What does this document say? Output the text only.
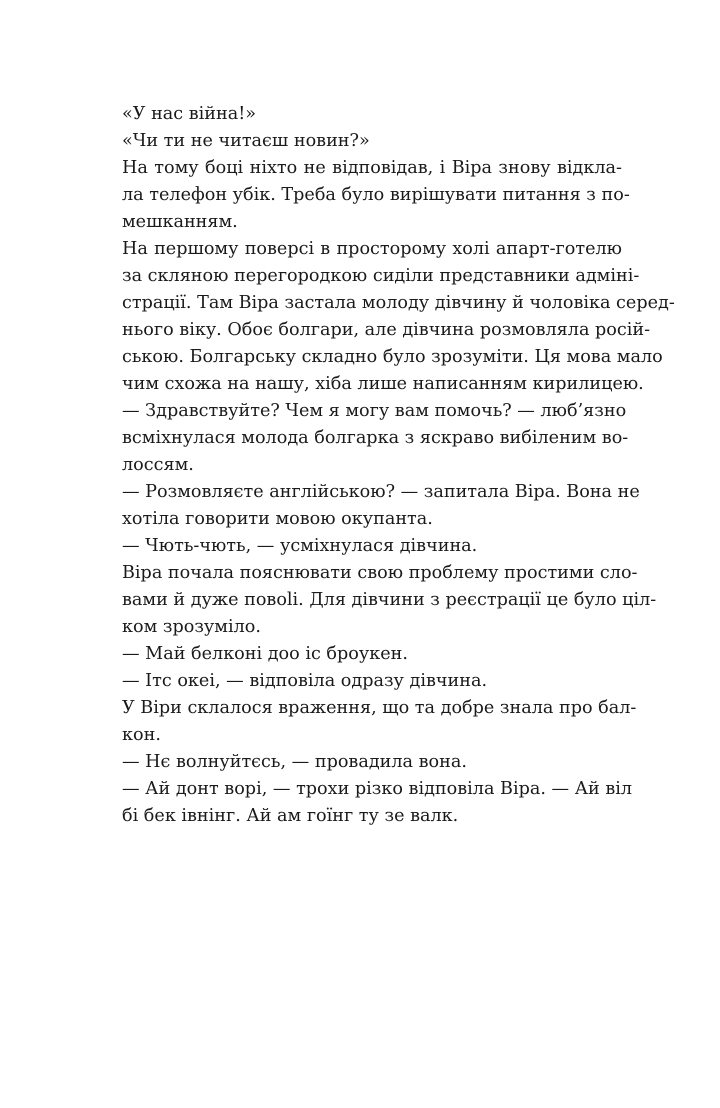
«У нас війна!»
«Чи ти не читаєш новин?»
На тому боці ніхто не відповідав, і Віра знову відкла-
ла телефон убік. Треба було вирішувати питання з по-
мешканням.
На першому поверсі в просторому холі апарт-готелю
за скляною перегородкою сиділи представники адміні-
страції. Там Віра застала молоду дівчину й чоловіка серед-
нього віку. Обоє болгари, але дівчина розмовляла росій-
ською. Болгарську складно було зрозуміти. Ця мова мало
чим схожа на нашу, хіба лише написанням кирилицею.
— Здравствуйте? Чем я могу вам помочь? — люб’язно
всміхнулася молода болгарка з яскраво вибіленим во-
лоссям.
— Розмовляєте англійською? — запитала Віра. Вона не
хотіла говорити мовою окупанта.
— Чють-чють, — усміхнулася дівчина.
Віра почала пояснювати свою проблему простими сло-
вами й дуже повolі. Для дівчини з реєстрації це було ціл-
ком зрозуміло.
— Май белконі доо іс броукен.
— Ітс океі, — відповіла одразу дівчина.
У Віри склалося враження, що та добре знала про бал-
кон.
— Нє волнуйтєсь, — провадила вона.
— Ай донт ворі, — трохи різко відповіла Віра. — Ай віл
бі бек івнінг. Ай ам гоїнг ту зе валк.
